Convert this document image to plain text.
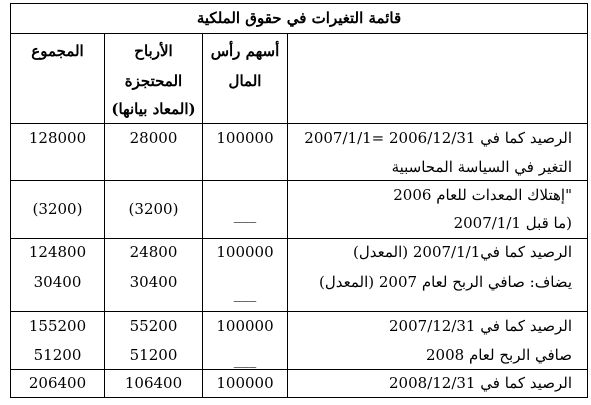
قائمة التغيرات في حقوق الملكية
أسهم رأس
المال
الأرباح
المحتجزة
(المعاد بيانها)
المجموع
الرصيد كما في 2006/12/31 =2007/1/1
التغير في السياسة المحاسبية
100000
28000
128000
"إهتلاك المعدات للعام 2006
(ما قبل 2007/1/1
___
(3200)
(3200)
الرصيد كما في2007/1/1 (المعدل)
يضاف: صافي الربح لعام 2007 (المعدل)
100000
___
24800
30400
124800
30400
الرصيد كما في 2007/12/31
صافي الربح لعام 2008
100000
___
55200
51200
155200
51200
الرصيد كما في 2008/12/31
100000
106400
206400
